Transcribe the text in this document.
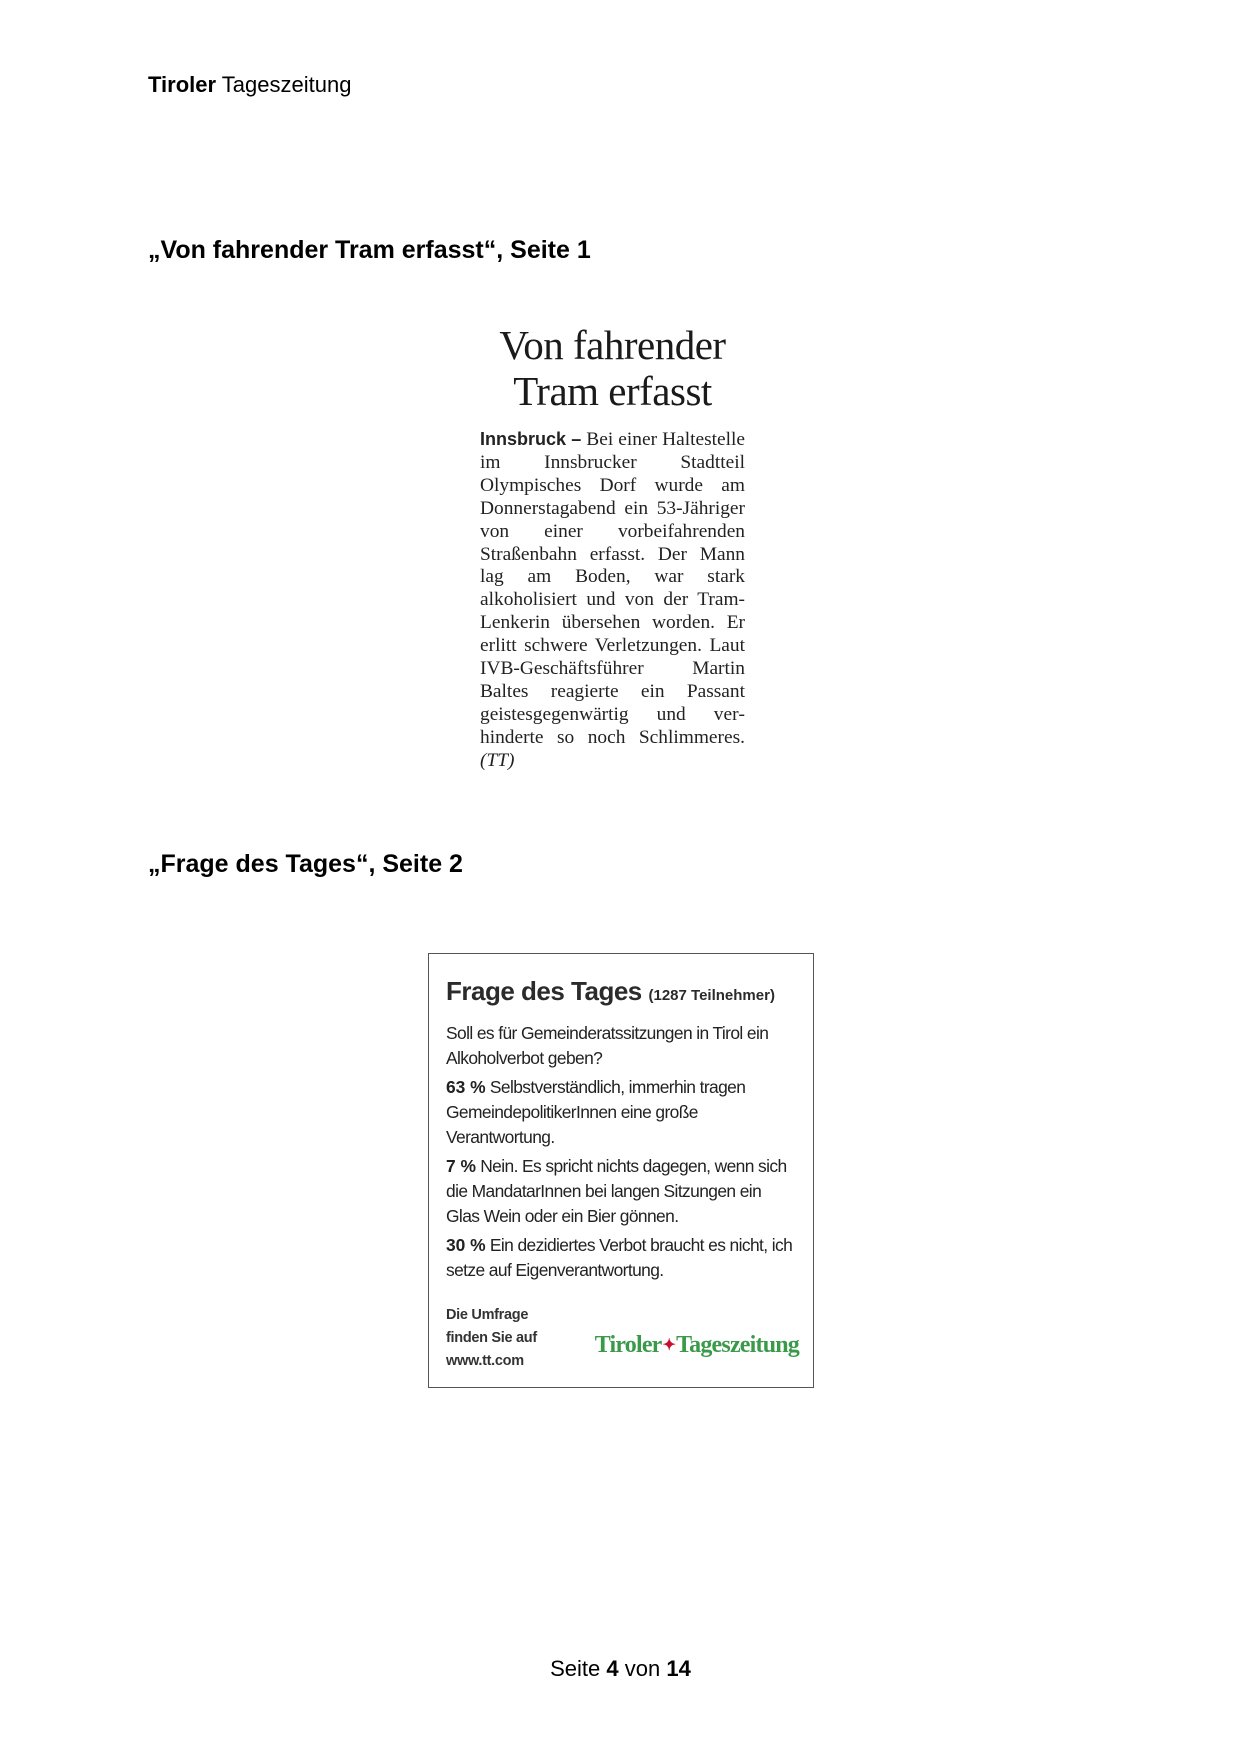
Tiroler Tageszeitung
„Von fahrender Tram erfasst“, Seite 1
Von fahrender
Tram erfasst
Innsbruck – Bei einer Haltestelle im Innsbrucker Stadtteil Olympisches Dorf wurde am Donnerstagabend ein 53-Jähriger von einer vorbeifahrenden Straßenbahn erfasst. Der Mann lag am Boden, war stark alkoholisiert und von der Tram-Lenkerin übersehen worden. Er erlitt schwere Verletzungen. Laut IVB-Geschäftsführer Martin Baltes reagierte ein Passant geistesgegenwärtig und verhinderte so noch Schlimmeres. (TT)
„Frage des Tages“, Seite 2
Frage des Tages (1287 Teilnehmer)
Soll es für Gemeinderatssitzungen in Tirol ein Alkoholverbot geben?
63 % Selbstverständlich, immerhin tragen GemeindepolitikerInnen eine große Verantwortung.
7 % Nein. Es spricht nichts dagegen, wenn sich die MandatarInnen bei langen Sitzungen ein Glas Wein oder ein Bier gönnen.
30 % Ein dezidiertes Verbot braucht es nicht, ich setze auf Eigenverantwortung.
Die Umfrage
finden Sie auf
www.tt.com
Tiroler✦Tageszeitung
Seite 4 von 14
